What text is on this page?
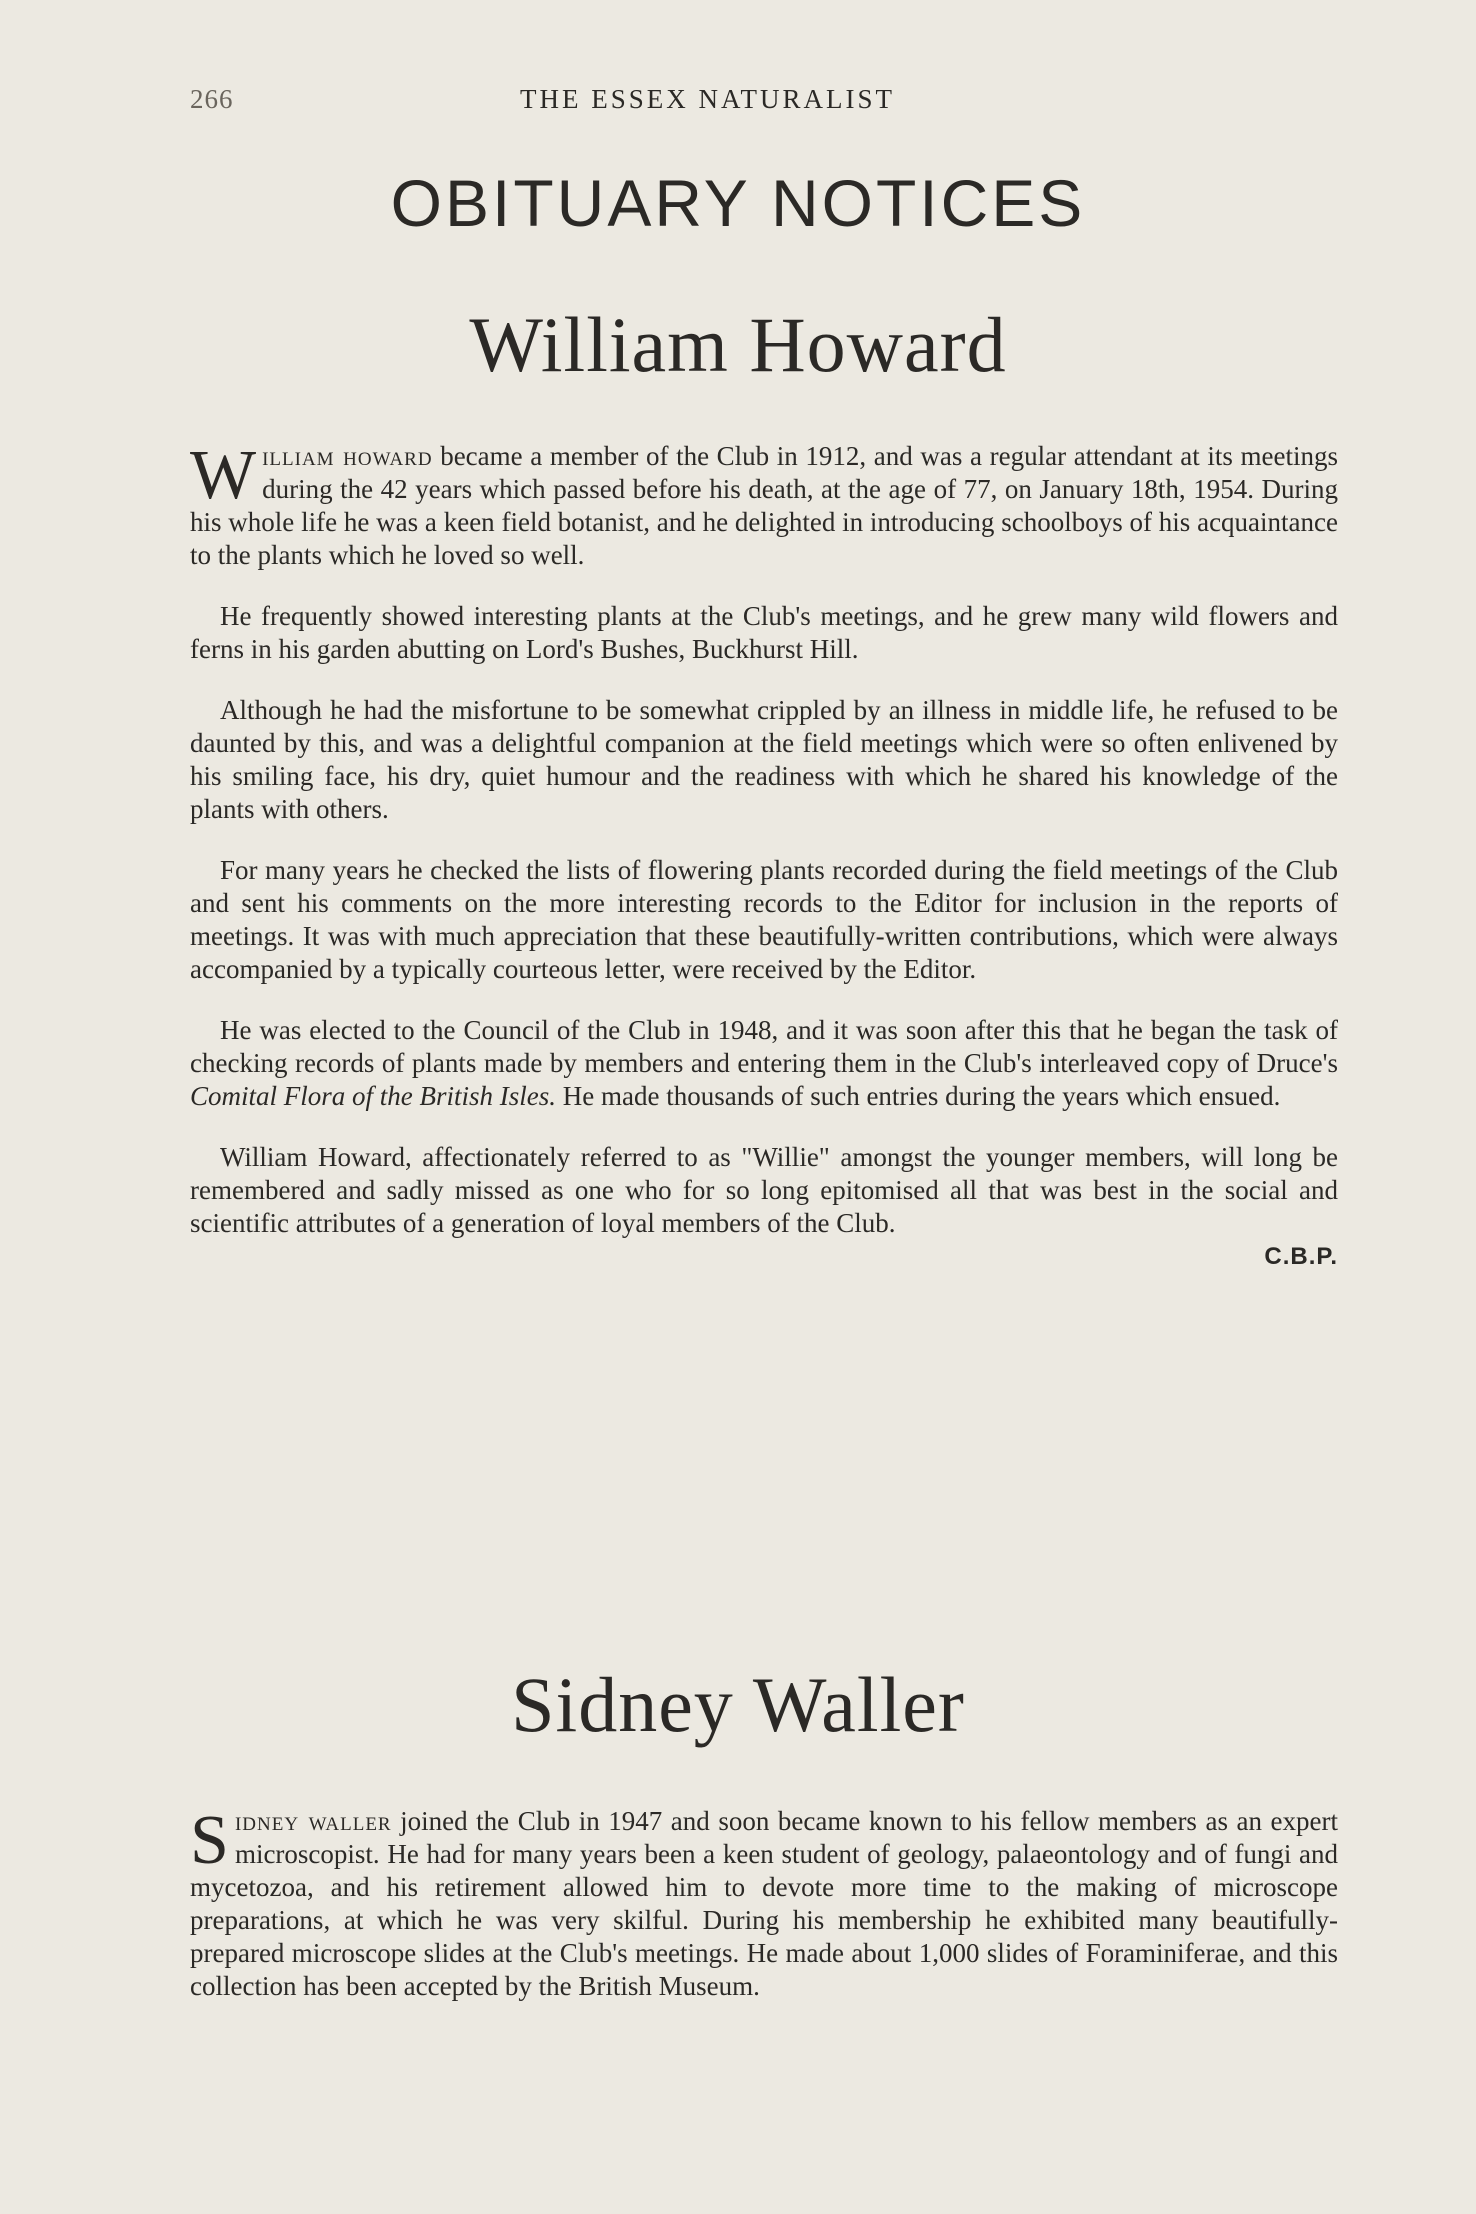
266	THE ESSEX NATURALIST
OBITUARY NOTICES
William Howard

William howard became a member of the Club in 1912, and was a regular attendant at its meetings during the 42 years which passed before his death, at the age of 77, on January 18th, 1954. During his whole life he was a keen field botanist, and he delighted in introducing schoolboys of his acquaintance to the plants which he loved so well.

He frequently showed interesting plants at the Club's meetings, and he grew many wild flowers and ferns in his garden abutting on Lord's Bushes, Buckhurst Hill.

Although he had the misfortune to be somewhat crippled by an illness in middle life, he refused to be daunted by this, and was a delightful companion at the field meetings which were so often enlivened by his smiling face, his dry, quiet humour and the readiness with which he shared his knowledge of the plants with others.

For many years he checked the lists of flowering plants recorded during the field meetings of the Club and sent his comments on the more interesting records to the Editor for inclusion in the reports of meetings. It was with much appreciation that these beautifully-written contributions, which were always accompanied by a typically courteous letter, were received by the Editor.

He was elected to the Council of the Club in 1948, and it was soon after this that he began the task of checking records of plants made by members and entering them in the Club's interleaved copy of Druce's Comital Flora of the British Isles. He made thousands of such entries during the years which ensued.

William Howard, affectionately referred to as "Willie" amongst the younger members, will long be remembered and sadly missed as one who for so long epitomised all that was best in the social and scientific attributes of a generation of loyal members of the Club.

C.B.P.
Sidney Waller

Sidney waller joined the Club in 1947 and soon became known to his fellow members as an expert microscopist. He had for many years been a keen student of geology, palaeontology and of fungi and mycetozoa, and his retirement allowed him to devote more time to the making of microscope preparations, at which he was very skilful. During his membership he exhibited many beautifully-prepared microscope slides at the Club's meetings. He made about 1,000 slides of Foraminiferae, and this collection has been accepted by the British Museum.
